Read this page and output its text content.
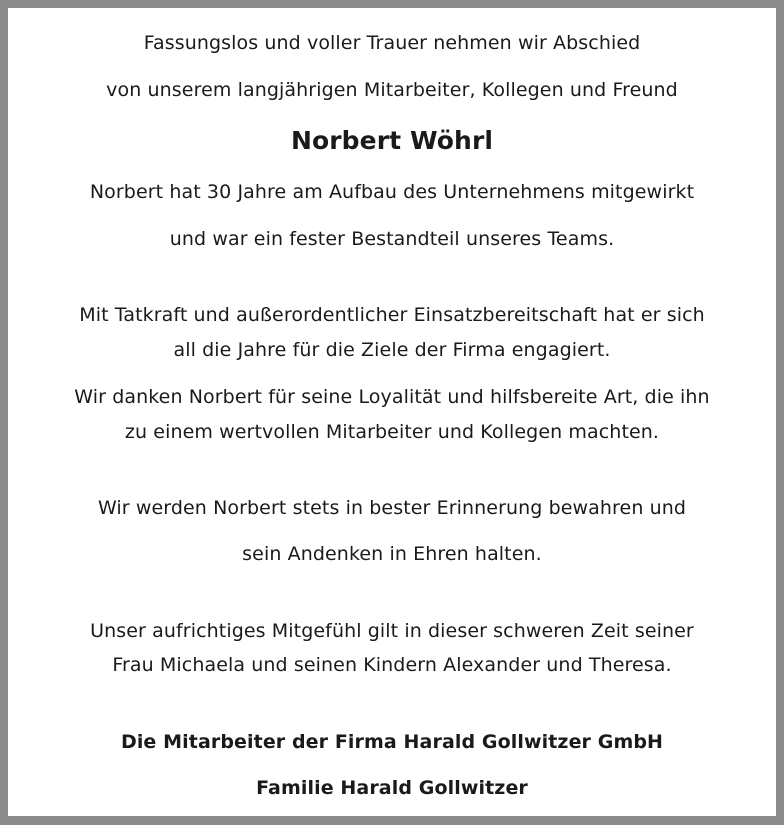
Fassungslos und voller Trauer nehmen wir Abschied
von unserem langjährigen Mitarbeiter, Kollegen und Freund
Norbert Wöhrl
Norbert hat 30 Jahre am Aufbau des Unternehmens mitgewirkt
und war ein fester Bestandteil unseres Teams.
Mit Tatkraft und außerordentlicher Einsatzbereitschaft hat er sich
all die Jahre für die Ziele der Firma engagiert.
Wir danken Norbert für seine Loyalität und hilfsbereite Art, die ihn
zu einem wertvollen Mitarbeiter und Kollegen machten.
Wir werden Norbert stets in bester Erinnerung bewahren und
sein Andenken in Ehren halten.
Unser aufrichtiges Mitgefühl gilt in dieser schweren Zeit seiner
Frau Michaela und seinen Kindern Alexander und Theresa.
Die Mitarbeiter der Firma Harald Gollwitzer GmbH
Familie Harald Gollwitzer
